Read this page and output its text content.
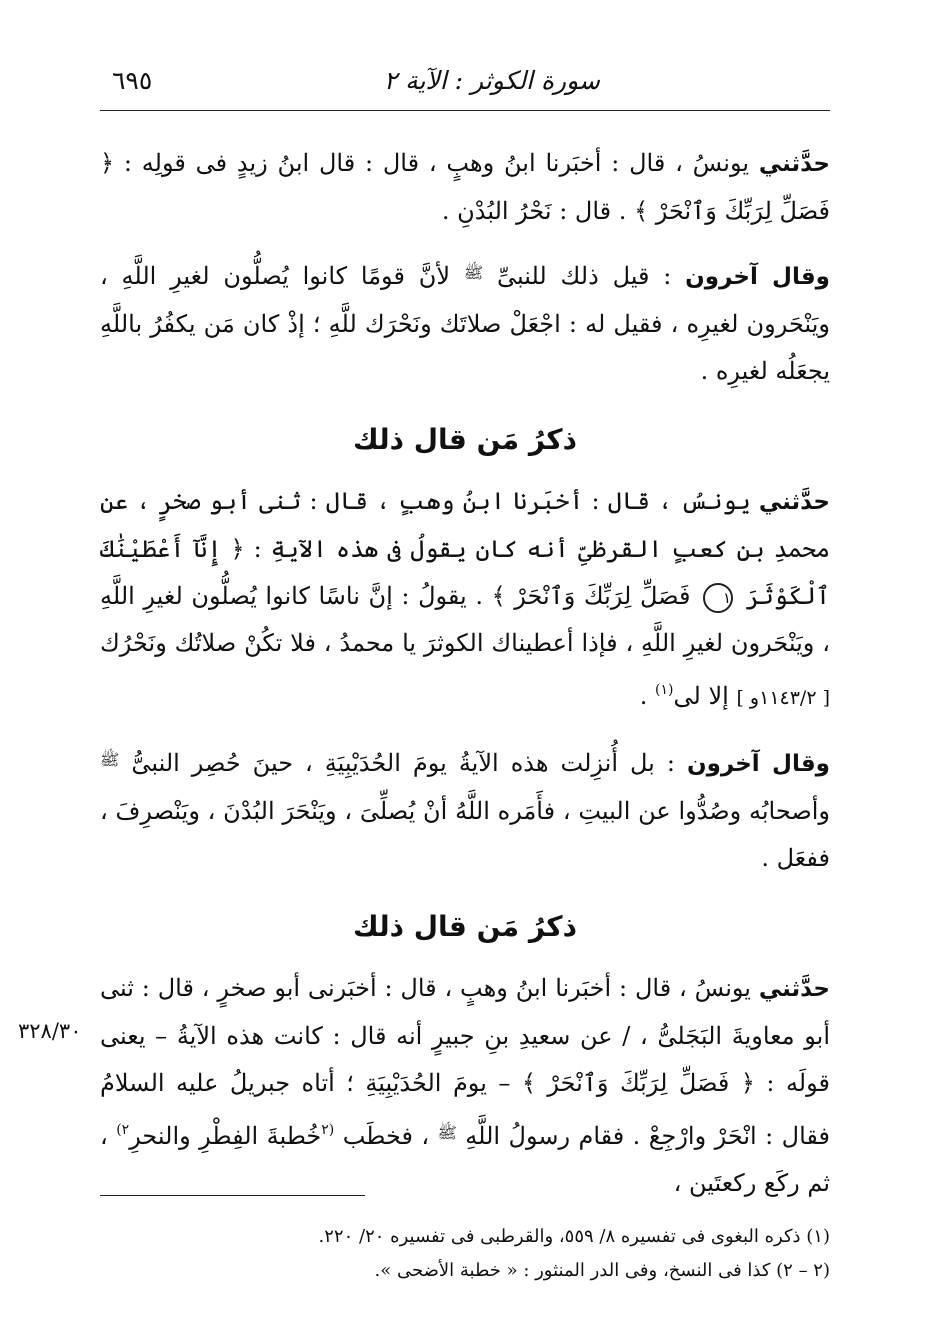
سورة الكوثر : الآية ٢
٦٩٥

حدَّثني يونسُ ، قال : أخبَرنا ابنُ وهبٍ ، قال : قال ابنُ زيدٍ فى قولِه : ﴿ فَصَلِّ لِرَبِّكَ وَٱنْحَرْ ﴾ . قال : نَحْرُ البُدْنِ .

وقال آخرون : قيل ذلك للنبىِّ $^ﷺ$ لأنَّ قومًا كانوا يُصلُّون لغيرِ اللَّهِ ، ويَنْحَرون لغيرِه ، فقيل له : اجْعَلْ صلاتَك ونَحْرَك للَّهِ ؛ إذْ كان مَن يكفُرُ باللَّهِ يجعَلُه لغيرِه .

ذكرُ مَن قال ذلك

حدَّثني يونسُ ، قال : أخبَرنا ابنُ وهبٍ ، قال : ثنى أبو صخرٍ ، عن محمدِ بنِ كعبٍ القرظىِّ أنه كان يقولُ فى هذه الآيةِ : ﴿ إِنَّآ أَعْطَيْنَٰكَ ٱلْكَوْثَرَ ١ فَصَلِّ لِرَبِّكَ وَٱنْحَرْ ﴾ . يقولُ : إنَّ ناسًا كانوا يُصلُّون لغيرِ اللَّهِ ، ويَنْحَرون لغيرِ اللَّهِ ، فإذا أعطيناك الكوثرَ يا محمدُ ، فلا تكُنْ صلاتُك ونَحْرُك [ ١١٤٣/٢و ] إلا لى$^{(١)}$ .

وقال آخرون : بل أُنزِلت هذه الآيةُ يومَ الحُدَيْبِيَةِ ، حينَ حُصِر النبىُّ $^ﷺ$ وأصحابُه وصُدُّوا عن البيتِ ، فأَمَره اللَّهُ أنْ يُصلِّىَ ، ويَنْحَرَ البُدْنَ ، ويَنْصرِفَ ، ففعَل .

ذكرُ مَن قال ذلك
٣٢٨/٣٠

حدَّثني يونسُ ، قال : أخبَرنا ابنُ وهبٍ ، قال : أخبَرنى أبو صخرٍ ، قال : ثنى أبو معاويةَ البَجَلىُّ ، / عن سعيدِ بنِ جبيرٍ أنه قال : كانت هذه الآيةُ – يعنى قولَه : ﴿ فَصَلِّ لِرَبِّكَ وَٱنْحَرْ ﴾ – يومَ الحُدَيْبِيَةِ ؛ أتاه جبريلُ عليه السلامُ فقال : انْحَرْ وارْجِعْ . فقام رسولُ اللَّهِ $^ﷺ$ ، فخطَب $^{(٢}$خُطبةَ الفِطْرِ والنحرِ$^{٢)}$ ، ثم ركَع ركعتَين ،

(١) ذكره البغوى فى تفسيره ٨/ ٥٥٩، والقرطبى فى تفسيره ٢٠/ ٢٢٠.

(٢ – ٢) كذا فى النسخ، وفى الدر المنثور : « خطبة الأضحى ».
